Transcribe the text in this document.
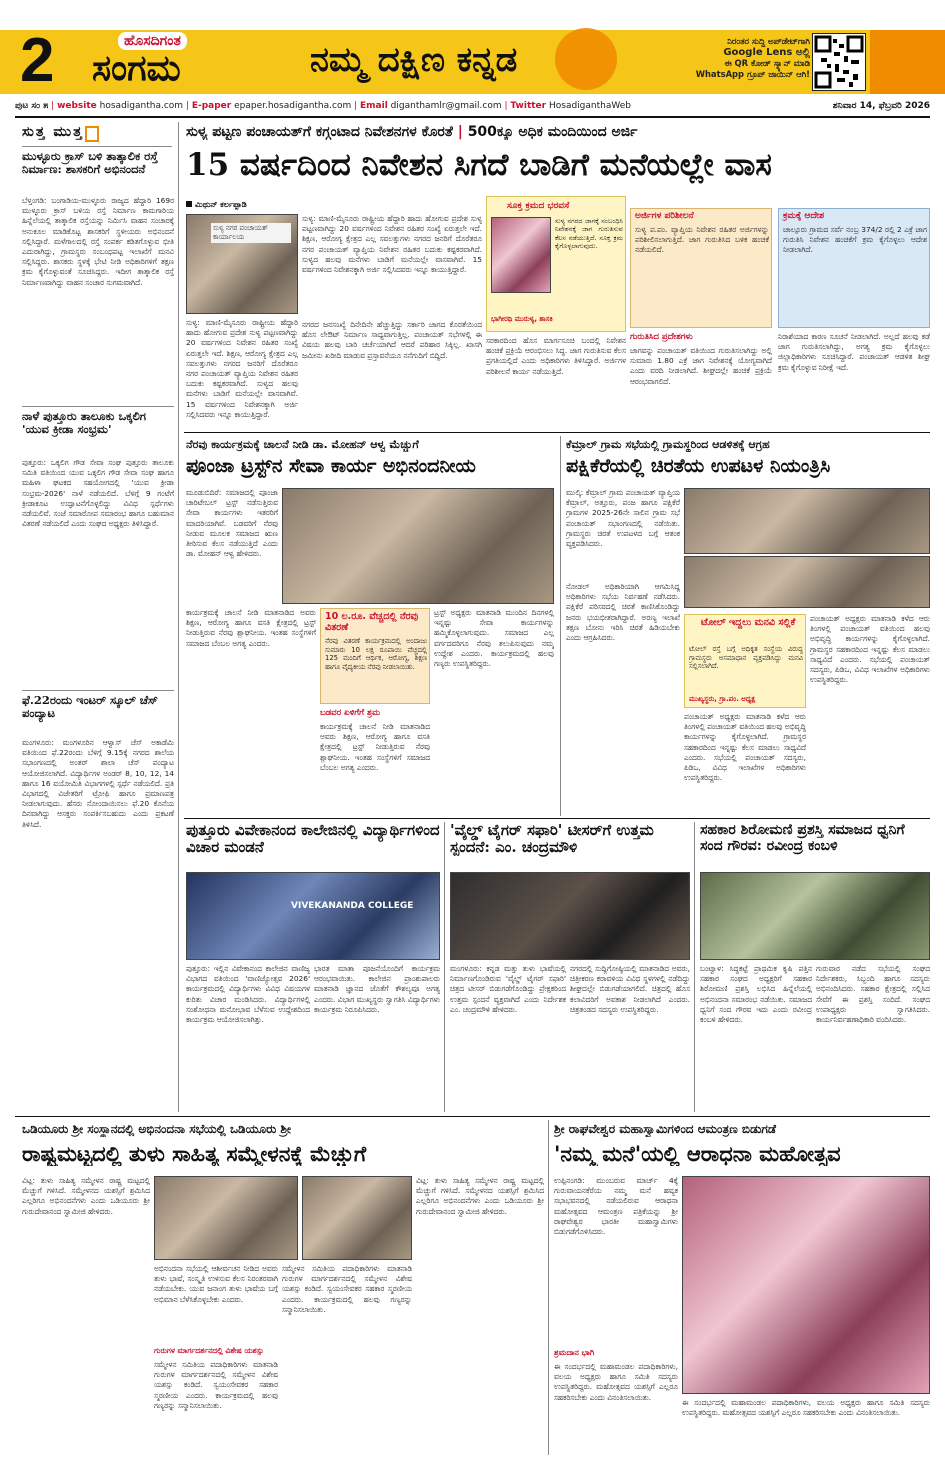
2	ಹೊಸದಿಗಂತ
ಸಂಗಮ	ನಮ್ಮ ದಕ್ಷಿಣ ಕನ್ನಡ	ನಿರಂತರ ಸುದ್ದಿ ಅಪ್‌ಡೇಟ್‌ಗಾಗಿ
Google Lens ಅಲ್ಲಿ
ಈ QR ಕೋಡ್ ಸ್ಕ್ಯಾನ್ ಮಾಡಿ
WhatsApp ಗ್ರೂಪ್ ಜಾಯಿನ್ ಆಗಿ!
ಪುಟ ಸಂ ೫ | website hosadiganthа.com | E-paper epaper.hosadigantha.com | Email diganthamlr@gmail.com | Twitter HosadiganthaWeb	ಶನಿವಾರ 14, ಫೆಬ್ರವರಿ 2026
ಸುತ್ತ ಮುತ್ತ
ಮುಳ್ಳೂರು ಕ್ರಾಸ್ ಬಳಿ ತಾತ್ಕಾಲಿಕ ರಸ್ತೆ ನಿರ್ಮಾಣ: ಶಾಸಕರಿಗೆ ಅಭಿನಂದನೆ
ಬೆಳ್ತಂಗಡಿ: ಬಂಗಾಡಿಯ-ಮುಳ್ಳೂರು ರಾಜ್ಯದ ಹೆದ್ದಾರಿ 169ರ ಮುಳ್ಳೂರು ಕ್ರಾಸ್ ಬಳಿಯ ರಸ್ತೆ ನಿರ್ಮಾಣ ಕಾಮಗಾರಿಯ ಹಿನ್ನೆಲೆಯಲ್ಲಿ ತಾತ್ಕಾಲಿಕ ರಸ್ತೆಯನ್ನು ನಿರ್ಮಿಸಿ ವಾಹನ ಸಂಚಾರಕ್ಕೆ ಅನುಕೂಲ ಮಾಡಿಕೊಟ್ಟ ಶಾಸಕರಿಗೆ ಸ್ಥಳೀಯರು ಅಭಿನಂದನೆ ಸಲ್ಲಿಸಿದ್ದಾರೆ. ಮಳೆಗಾಲದಲ್ಲಿ ರಸ್ತೆ ಸಂಪರ್ಕ ಕಡಿತಗೊಳ್ಳುವ ಭೀತಿ ಎದುರಾಗಿದ್ದು, ಗ್ರಾಮಸ್ಥರು ಸಂಬಂಧಪಟ್ಟ ಇಲಾಖೆಗೆ ಮನವಿ ಸಲ್ಲಿಸಿದ್ದರು. ಶಾಸಕರು ಸ್ಥಳಕ್ಕೆ ಭೇಟಿ ನೀಡಿ ಅಧಿಕಾರಿಗಳಿಗೆ ತಕ್ಷಣ ಕ್ರಮ ಕೈಗೊಳ್ಳುವಂತೆ ಸೂಚಿಸಿದ್ದರು. ಇದೀಗ ತಾತ್ಕಾಲಿಕ ರಸ್ತೆ ನಿರ್ಮಾಣವಾಗಿದ್ದು ವಾಹನ ಸಂಚಾರ ಸುಗಮವಾಗಿದೆ.
ನಾಳೆ ಪುತ್ತೂರು ತಾಲೂಕು ಒಕ್ಕಲಿಗ 'ಯುವ ಕ್ರೀಡಾ ಸಂಭ್ರಮ'
ಪುತ್ತೂರು: ಒಕ್ಕಲಿಗ ಗೌಡ ಸೇವಾ ಸಂಘ ಪುತ್ತೂರು ತಾಲೂಕು ಸಮಿತಿ ವತಿಯಿಂದ ಯುವ ಒಕ್ಕಲಿಗ ಗೌಡ ಸೇವಾ ಸಂಘ ಹಾಗೂ ಮಹಿಳಾ ಘಟಕದ ಸಹಯೋಗದಲ್ಲಿ 'ಯುವ ಕ್ರೀಡಾ ಸಂಭ್ರಮ-2026' ನಾಳೆ ನಡೆಯಲಿದೆ. ಬೆಳಿಗ್ಗೆ 9 ಗಂಟೆಗೆ ಕ್ರೀಡಾಕೂಟ ಉದ್ಘಾಟನೆಗೊಳ್ಳಲಿದ್ದು ವಿವಿಧ ಸ್ಪರ್ಧೆಗಳು ನಡೆಯಲಿವೆ. ಸಂಜೆ ಸಮಾರೋಪ ಸಮಾರಂಭ ಹಾಗೂ ಬಹುಮಾನ ವಿತರಣೆ ನಡೆಯಲಿದೆ ಎಂದು ಸಂಘದ ಅಧ್ಯಕ್ಷರು ತಿಳಿಸಿದ್ದಾರೆ.
ಫೆ.22ರಂದು ಇಂಟರ್ ಸ್ಕೂಲ್ ಚೆಸ್ ಪಂದ್ಯಾಟ
ಮಂಗಳೂರು: ಮಂಗಳೂರಿನ ಆಳ್ವಾಸ್ ಚೆಸ್ ಅಕಾಡೆಮಿ ವತಿಯಿಂದ ಫೆ.22ರಂದು ಬೆಳಿಗ್ಗೆ 9.15ಕ್ಕೆ ನಗರದ ಶಾಲೆಯ ಸಭಾಂಗಣದಲ್ಲಿ ಅಂತರ್ ಶಾಲಾ ಚೆಸ್ ಪಂದ್ಯಾಟ ಆಯೋಜಿಸಲಾಗಿದೆ. ವಿದ್ಯಾರ್ಥಿಗಳ ಅಂಡರ್ 8, 10, 12, 14 ಹಾಗೂ 16 ವಯೋಮಿತಿ ವಿಭಾಗಗಳಲ್ಲಿ ಸ್ಪರ್ಧೆ ನಡೆಯಲಿದೆ. ಪ್ರತಿ ವಿಭಾಗದಲ್ಲಿ ವಿಜೇತರಿಗೆ ಟ್ರೋಫಿ ಹಾಗೂ ಪ್ರಮಾಣಪತ್ರ ನೀಡಲಾಗುವುದು. ಹೆಸರು ನೋಂದಾಯಿಸಲು ಫೆ.20 ಕೊನೆಯ ದಿನವಾಗಿದ್ದು ಆಸಕ್ತರು ಸಂಪರ್ಕಿಸಬಹುದು ಎಂದು ಪ್ರಕಟಣೆ ತಿಳಿಸಿದೆ.
ಸುಳ್ಯ ಪಟ್ಟಣ ಪಂಚಾಯತ್‌ಗೆ ಕಗ್ಗಂಟಾದ ನಿವೇಶನಗಳ ಕೊರತೆ | 500ಕ್ಕೂ ಅಧಿಕ ಮಂದಿಯಿಂದ ಅರ್ಜಿ
15 ವರ್ಷದಿಂದ ನಿವೇಶನ ಸಿಗದೆ ಬಾಡಿಗೆ ಮನೆಯಲ್ಲೇ ವಾಸ
ಮಿಥುನ್ ಕರ್ಲಪ್ಪಾಡಿ
ಸುಳ್ಯ ನಗರ ಪಂಚಾಯತ್ ಕಾರ್ಯಾಲಯ
ಸುಳ್ಯ: ಮಾಣಿ-ಮೈಸೂರು ರಾಷ್ಟ್ರೀಯ ಹೆದ್ದಾರಿ ಹಾದು ಹೋಗುವ ಪ್ರದೇಶ ಸುಳ್ಯ ಪಟ್ಟಣವಾಗಿದ್ದು 20 ವರ್ಷಗಳಿಂದ ನಿವೇಶನ ರಹಿತರ ಸಂಖ್ಯೆ ಏರುತ್ತಲೇ ಇದೆ. ಶಿಕ್ಷಣ, ಆರೋಗ್ಯ ಕ್ಷೇತ್ರದ ಎಲ್ಲ ಸವಲತ್ತುಗಳು ನಗರದ ಜನರಿಗೆ ದೊರೆತರೂ ನಗರ ಪಂಚಾಯತ್ ವ್ಯಾಪ್ತಿಯ ನಿವೇಶನ ರಹಿತರ ಬದುಕು ಕಷ್ಟಕರವಾಗಿದೆ. ಸುಳ್ಯದ ಹಲವು ಮನೆಗಳು ಬಾಡಿಗೆ ಮನೆಯಲ್ಲೇ ವಾಸವಾಗಿವೆ. 15 ವರ್ಷಗಳಿಂದ ನಿವೇಶನಕ್ಕಾಗಿ ಅರ್ಜಿ ಸಲ್ಲಿಸಿದವರು ಇನ್ನೂ ಕಾಯುತ್ತಿದ್ದಾರೆ.
ಸುಳ್ಯ: ಮಾಣಿ-ಮೈಸೂರು ರಾಷ್ಟ್ರೀಯ ಹೆದ್ದಾರಿ ಹಾದು ಹೋಗುವ ಪ್ರದೇಶ ಸುಳ್ಯ ಪಟ್ಟಣವಾಗಿದ್ದು 20 ವರ್ಷಗಳಿಂದ ನಿವೇಶನ ರಹಿತರ ಸಂಖ್ಯೆ ಏರುತ್ತಲೇ ಇದೆ. ಶಿಕ್ಷಣ, ಆರೋಗ್ಯ ಕ್ಷೇತ್ರದ ಎಲ್ಲ ಸವಲತ್ತುಗಳು ನಗರದ ಜನರಿಗೆ ದೊರೆತರೂ ನಗರ ಪಂಚಾಯತ್ ವ್ಯಾಪ್ತಿಯ ನಿವೇಶನ ರಹಿತರ ಬದುಕು ಕಷ್ಟಕರವಾಗಿದೆ. ಸುಳ್ಯದ ಹಲವು ಮನೆಗಳು ಬಾಡಿಗೆ ಮನೆಯಲ್ಲೇ ವಾಸವಾಗಿವೆ. 15 ವರ್ಷಗಳಿಂದ ನಿವೇಶನಕ್ಕಾಗಿ ಅರ್ಜಿ ಸಲ್ಲಿಸಿದವರು ಇನ್ನೂ ಕಾಯುತ್ತಿದ್ದಾರೆ.
ನಗರದ ಜನಸಂಖ್ಯೆ ದಿನೇದಿನೇ ಹೆಚ್ಚುತ್ತಿದ್ದು ಸರ್ಕಾರಿ ಜಾಗದ ಕೊರತೆಯಿಂದ ಹೊಸ ಲೇಔಟ್ ನಿರ್ಮಾಣ ಸಾಧ್ಯವಾಗುತ್ತಿಲ್ಲ. ಪಂಚಾಯತ್ ಸಭೆಗಳಲ್ಲಿ ಈ ವಿಷಯ ಹಲವು ಬಾರಿ ಚರ್ಚೆಯಾಗಿದೆ ಆದರೆ ಪರಿಹಾರ ಸಿಕ್ಕಿಲ್ಲ. ಖಾಸಗಿ ಜಮೀನು ಖರೀದಿ ಮಾಡುವ ಪ್ರಸ್ತಾವನೆಯೂ ನನೆಗುದಿಗೆ ಬಿದ್ದಿದೆ.
ಸೂಕ್ತ ಕ್ರಮದ ಭರವಸೆ
ಸುಳ್ಯ ನಗರದ ಜಾಗಕ್ಕೆ ಸಂಬಂಧಿಸಿ ನಿವೇಶನಕ್ಕೆ ಜಾಗ ಗುರುತಿಸುವ ಕೆಲಸ ನಡೆಯುತ್ತಿದೆ. ಸೂಕ್ತ ಕ್ರಮ ಕೈಗೊಳ್ಳಲಾಗುವುದು.
ಭಾಗೀರಥಿ ಮುರುಳ್ಯ, ಶಾಸಕಿ
ಅರ್ಜಿಗಳ ಪರಿಶೀಲನೆ
ಸುಳ್ಯ ಪ.ಪಂ. ವ್ಯಾಪ್ತಿಯ ನಿವೇಶನ ರಹಿತರ ಅರ್ಜಿಗಳನ್ನು ಪರಿಶೀಲಿಸಲಾಗುತ್ತಿದೆ. ಜಾಗ ಗುರುತಿಸಿದ ಬಳಿಕ ಹಂಚಿಕೆ ನಡೆಯಲಿದೆ.
ಕ್ರಮಕ್ಕೆ ಆದೇಶ
ಜಾಲ್ಸೂರು ಗ್ರಾಮದ ಸರ್ವೆ ನಂಬ್ರ 374/2 ರಲ್ಲಿ 2 ಎಕ್ರೆ ಜಾಗ ಗುರುತಿಸಿ ನಿವೇಶನ ಹಂಚಿಕೆಗೆ ಕ್ರಮ ಕೈಗೊಳ್ಳಲು ಆದೇಶ ನೀಡಲಾಗಿದೆ.
ಸರಕಾರದಿಂದ ಹೊಸ ಮಾರ್ಗಸೂಚಿ ಬಂದಲ್ಲಿ ನಿವೇಶನ ಹಂಚಿಕೆ ಪ್ರಕ್ರಿಯೆ ಆರಂಭಿಸಲು ಸಿದ್ಧ. ಜಾಗ ಗುರುತಿಸುವ ಕೆಲಸ ಪ್ರಗತಿಯಲ್ಲಿದೆ ಎಂದು ಅಧಿಕಾರಿಗಳು ತಿಳಿಸಿದ್ದಾರೆ. ಅರ್ಜಿಗಳ ಪರಿಶೀಲನೆ ಕಾರ್ಯ ನಡೆಯುತ್ತಿದೆ.
ಗುರುತಿಸಿದ ಪ್ರದೇಶಗಳು
ಜಾಗವನ್ನು ಪಂಚಾಯತ್ ವತಿಯಿಂದ ಗುರುತಿಸಲಾಗಿದ್ದು ಅಲ್ಲಿ ಸುಮಾರು 1.80 ಎಕ್ರೆ ಜಾಗ ನಿವೇಶನಕ್ಕೆ ಯೋಗ್ಯವಾಗಿದೆ ಎಂದು ವರದಿ ನೀಡಲಾಗಿದೆ. ಶೀಘ್ರದಲ್ಲೇ ಹಂಚಿಕೆ ಪ್ರಕ್ರಿಯೆ ಆರಂಭವಾಗಲಿದೆ.
ನಿರಾಶೆಯಾದ ಕಾರಣ ಸೂಚನೆ ನೀಡಲಾಗಿದೆ. ಅಲ್ಲದೆ ಹಲವು ಕಡೆ ಜಾಗ ಗುರುತಿಸಲಾಗಿದ್ದು, ಅಗತ್ಯ ಕ್ರಮ ಕೈಗೊಳ್ಳಲು ಜಿಲ್ಲಾಧಿಕಾರಿಗಳು ಸೂಚಿಸಿದ್ದಾರೆ. ಪಂಚಾಯತ್ ಆಡಳಿತ ಶೀಘ್ರ ಕ್ರಮ ಕೈಗೊಳ್ಳುವ ನಿರೀಕ್ಷೆ ಇದೆ.
ನೆರವು ಕಾರ್ಯಕ್ರಮಕ್ಕೆ ಚಾಲನೆ ನೀಡಿ ಡಾ. ಮೋಹನ್ ಆಳ್ವ ಮೆಚ್ಚುಗೆ
ಪೂಂಜಾ ಟ್ರಸ್ಟ್‌ನ ಸೇವಾ ಕಾರ್ಯ ಅಭಿನಂದನೀಯ
ಮೂಡುಬಿದಿರೆ: ಸಮಾಜದಲ್ಲಿ ಪೂಂಜಾ ಚಾರಿಟೇಬಲ್ ಟ್ರಸ್ಟ್ ನಡೆಸುತ್ತಿರುವ ಸೇವಾ ಕಾರ್ಯಗಳು ಇತರರಿಗೆ ಮಾದರಿಯಾಗಿವೆ. ಬಡವರಿಗೆ ನೆರವು ನೀಡುವ ಮೂಲಕ ಸಮಾಜದ ಋಣ ತೀರಿಸುವ ಕೆಲಸ ನಡೆಯುತ್ತಿದೆ ಎಂದು ಡಾ. ಮೋಹನ್ ಆಳ್ವ ಹೇಳಿದರು.
ಕಾರ್ಯಕ್ರಮಕ್ಕೆ ಚಾಲನೆ ನೀಡಿ ಮಾತನಾಡಿದ ಅವರು ಶಿಕ್ಷಣ, ಆರೋಗ್ಯ ಹಾಗೂ ವಸತಿ ಕ್ಷೇತ್ರದಲ್ಲಿ ಟ್ರಸ್ಟ್ ನೀಡುತ್ತಿರುವ ನೆರವು ಶ್ಲಾಘನೀಯ. ಇಂತಹ ಸಂಸ್ಥೆಗಳಿಗೆ ಸಮಾಜದ ಬೆಂಬಲ ಅಗತ್ಯ ಎಂದರು.
10 ಲ.ರೂ. ವೆಚ್ಚದಲ್ಲಿ ನೆರವು ವಿತರಣೆ
ನೆರವು ವಿತರಣೆ ಕಾರ್ಯಕ್ರಮದಲ್ಲಿ ಅಂದಾಜು ಸುಮಾರು 10 ಲಕ್ಷ ರೂಪಾಯಿ ವೆಚ್ಚದಲ್ಲಿ 125 ಮಂದಿಗೆ ಆರ್ಥಿಕ, ಆರೋಗ್ಯ, ಶಿಕ್ಷಣ ಹಾಗೂ ವೈದ್ಯಕೀಯ ನೆರವು ನೀಡಲಾಯಿತು.
ಟ್ರಸ್ಟ್ ಅಧ್ಯಕ್ಷರು ಮಾತನಾಡಿ ಮುಂದಿನ ದಿನಗಳಲ್ಲಿ ಇನ್ನಷ್ಟು ಸೇವಾ ಕಾರ್ಯಗಳನ್ನು ಹಮ್ಮಿಕೊಳ್ಳಲಾಗುವುದು. ಸಮಾಜದ ಎಲ್ಲ ವರ್ಗದವರಿಗೂ ನೆರವು ತಲುಪಿಸುವುದು ನಮ್ಮ ಉದ್ದೇಶ ಎಂದರು. ಕಾರ್ಯಕ್ರಮದಲ್ಲಿ ಹಲವು ಗಣ್ಯರು ಉಪಸ್ಥಿತರಿದ್ದರು.
ಬಡವರ ಏಳಿಗೆಗೆ ಶ್ರಮ
ಕಾರ್ಯಕ್ರಮಕ್ಕೆ ಚಾಲನೆ ನೀಡಿ ಮಾತನಾಡಿದ ಅವರು ಶಿಕ್ಷಣ, ಆರೋಗ್ಯ ಹಾಗೂ ವಸತಿ ಕ್ಷೇತ್ರದಲ್ಲಿ ಟ್ರಸ್ಟ್ ನೀಡುತ್ತಿರುವ ನೆರವು ಶ್ಲಾಘನೀಯ. ಇಂತಹ ಸಂಸ್ಥೆಗಳಿಗೆ ಸಮಾಜದ ಬೆಂಬಲ ಅಗತ್ಯ ಎಂದರು.
ಕೆಮ್ರಾಲ್ ಗ್ರಾಮ ಸಭೆಯಲ್ಲಿ ಗ್ರಾಮಸ್ಥರಿಂದ ಆಡಳಿತಕ್ಕೆ ಆಗ್ರಹ
ಪಕ್ಷಿಕೆರೆಯಲ್ಲಿ ಚಿರತೆಯ ಉಪಟಳ ನಿಯಂತ್ರಿಸಿ
ಮುಲ್ಕಿ: ಕೆಮ್ರಾಲ್ ಗ್ರಾಮ ಪಂಚಾಯತ್ ವ್ಯಾಪ್ತಿಯ ಕೆಮ್ರಾಲ್, ಅತ್ತೂರು, ಪಂಜ ಹಾಗೂ ಪಕ್ಷಿಕೆರೆ ಗ್ರಾಮಗಳ 2025-26ನೇ ಸಾಲಿನ ಗ್ರಾಮ ಸಭೆ ಪಂಚಾಯತ್ ಸಭಾಂಗಣದಲ್ಲಿ ನಡೆಯಿತು. ಗ್ರಾಮಸ್ಥರು ಚಿರತೆ ಉಪಟಳದ ಬಗ್ಗೆ ಆತಂಕ ವ್ಯಕ್ತಪಡಿಸಿದರು.
ನೋಡಲ್ ಅಧಿಕಾರಿಯಾಗಿ ಆಗಮಿಸಿದ್ದ ಅಧಿಕಾರಿಗಳು ಸಭೆಯ ನಿರ್ವಹಣೆ ನಡೆಸಿದರು. ಪಕ್ಷಿಕೆರೆ ಪರಿಸರದಲ್ಲಿ ಚಿರತೆ ಕಾಣಿಸಿಕೊಂಡಿದ್ದು ಜನರು ಭಯಭೀತರಾಗಿದ್ದಾರೆ. ಅರಣ್ಯ ಇಲಾಖೆ ತಕ್ಷಣ ಬೋನು ಇರಿಸಿ ಚಿರತೆ ಹಿಡಿಯಬೇಕು ಎಂದು ಆಗ್ರಹಿಸಿದರು.
ಟೋಲ್ ಇದ್ದಲು ಮನವಿ ಸಲ್ಲಿಕೆ
ಟೋಲ್ ರಸ್ತೆ ಬಗ್ಗೆ ಅಧಿಕೃತ ಸಂಸ್ಥೆಯ ವಿರುದ್ಧ ಗ್ರಾಮಸ್ಥರು ಅಸಮಾಧಾನ ವ್ಯಕ್ತಪಡಿಸಿದ್ದು ಮನವಿ ಸಲ್ಲಿಸಲಾಗಿದೆ.
ಮುಖ್ಯಸ್ಥರು, ಗ್ರಾ.ಪಂ. ಅಧ್ಯಕ್ಷ
ಪಂಚಾಯತ್ ಅಧ್ಯಕ್ಷರು ಮಾತನಾಡಿ ಕಳೆದ ಆರು ತಿಂಗಳಲ್ಲಿ ಪಂಚಾಯತ್ ವತಿಯಿಂದ ಹಲವು ಅಭಿವೃದ್ಧಿ ಕಾರ್ಯಗಳನ್ನು ಕೈಗೊಳ್ಳಲಾಗಿದೆ. ಗ್ರಾಮಸ್ಥರ ಸಹಕಾರದಿಂದ ಇನ್ನಷ್ಟು ಕೆಲಸ ಮಾಡಲು ಸಾಧ್ಯವಿದೆ ಎಂದರು. ಸಭೆಯಲ್ಲಿ ಪಂಚಾಯತ್ ಸದಸ್ಯರು, ಪಿಡಿಒ, ವಿವಿಧ ಇಲಾಖೆಗಳ ಅಧಿಕಾರಿಗಳು ಉಪಸ್ಥಿತರಿದ್ದರು.
ಪಂಚಾಯತ್ ಅಧ್ಯಕ್ಷರು ಮಾತನಾಡಿ ಕಳೆದ ಆರು ತಿಂಗಳಲ್ಲಿ ಪಂಚಾಯತ್ ವತಿಯಿಂದ ಹಲವು ಅಭಿವೃದ್ಧಿ ಕಾರ್ಯಗಳನ್ನು ಕೈಗೊಳ್ಳಲಾಗಿದೆ. ಗ್ರಾಮಸ್ಥರ ಸಹಕಾರದಿಂದ ಇನ್ನಷ್ಟು ಕೆಲಸ ಮಾಡಲು ಸಾಧ್ಯವಿದೆ ಎಂದರು. ಸಭೆಯಲ್ಲಿ ಪಂಚಾಯತ್ ಸದಸ್ಯರು, ಪಿಡಿಒ, ವಿವಿಧ ಇಲಾಖೆಗಳ ಅಧಿಕಾರಿಗಳು ಉಪಸ್ಥಿತರಿದ್ದರು.
ಪುತ್ತೂರು ವಿವೇಕಾನಂದ ಕಾಲೇಜಿನಲ್ಲಿ ವಿದ್ಯಾರ್ಥಿಗಳಿಂದ ವಿಚಾರ ಮಂಡನೆ
VIVEKANANDA COLLEGE
ಪುತ್ತೂರು: ಇಲ್ಲಿನ ವಿವೇಕಾನಂದ ಕಾಲೇಜಿನ ವಾಣಿಜ್ಯ ವಿಭಾಗದ ವತಿಯಿಂದ 'ವಾಣಿಜ್ಯೋತ್ಸವ 2026' ಕಾರ್ಯಕ್ರಮದಲ್ಲಿ ವಿದ್ಯಾರ್ಥಿಗಳು ವಿವಿಧ ವಿಷಯಗಳ ಕುರಿತು ವಿಚಾರ ಮಂಡಿಸಿದರು. ವಿದ್ಯಾರ್ಥಿಗಳಲ್ಲಿ ಸಂಶೋಧನಾ ಮನೋಭಾವ ಬೆಳೆಸುವ ಉದ್ದೇಶದಿಂದ ಕಾರ್ಯಕ್ರಮ ಆಯೋಜಿಸಲಾಗಿತ್ತು.
ಭಾರತ ಮಾತಾ ಪೂಜನೆಯೊಂದಿಗೆ ಕಾರ್ಯಕ್ರಮ ಆರಂಭವಾಯಿತು. ಕಾಲೇಜಿನ ಪ್ರಾಂಶುಪಾಲರು ಮಾತನಾಡಿ ಜ್ಞಾನದ ಜೊತೆಗೆ ಕೌಶಲ್ಯವೂ ಅಗತ್ಯ ಎಂದರು. ವಿಭಾಗ ಮುಖ್ಯಸ್ಥರು ಸ್ವಾಗತಿಸಿ ವಿದ್ಯಾರ್ಥಿಗಳು ಕಾರ್ಯಕ್ರಮ ನಿರೂಪಿಸಿದರು.
'ವೈಲ್ಡ್ ಟೈಗರ್ ಸಫಾರಿ' ಟೀಸರ್‌ಗೆ ಉತ್ತಮ ಸ್ಪಂದನೆ: ಎಂ. ಚಂದ್ರಮೌಳಿ
ಮಂಗಳೂರು: ಕನ್ನಡ ಮತ್ತು ತುಳು ಭಾಷೆಯಲ್ಲಿ ನಿರ್ಮಾಣಗೊಂಡಿರುವ 'ವೈಲ್ಡ್ ಟೈಗರ್ ಸಫಾರಿ' ಚಿತ್ರದ ಟೀಸರ್ ಬಿಡುಗಡೆಗೊಂಡಿದ್ದು ಪ್ರೇಕ್ಷಕರಿಂದ ಉತ್ತಮ ಸ್ಪಂದನೆ ವ್ಯಕ್ತವಾಗಿದೆ ಎಂದು ನಿರ್ದೇಶಕ ಎಂ. ಚಂದ್ರಮೌಳಿ ಹೇಳಿದರು.
ನಗರದಲ್ಲಿ ಸುದ್ದಿಗೋಷ್ಠಿಯಲ್ಲಿ ಮಾತನಾಡಿದ ಅವರು, ಚಿತ್ರೀಕರಣ ಕರಾವಳಿಯ ವಿವಿಧ ಸ್ಥಳಗಳಲ್ಲಿ ನಡೆದಿದ್ದು ಶೀಘ್ರದಲ್ಲೇ ಬಿಡುಗಡೆಯಾಗಲಿದೆ. ಚಿತ್ರದಲ್ಲಿ ಹೊಸ ಕಲಾವಿದರಿಗೆ ಅವಕಾಶ ನೀಡಲಾಗಿದೆ ಎಂದರು. ಚಿತ್ರತಂಡದ ಸದಸ್ಯರು ಉಪಸ್ಥಿತರಿದ್ದರು.
ಸಹಕಾರ ಶಿರೋಮಣಿ ಪ್ರಶಸ್ತಿ ಸಮಾಜದ ಧ್ವನಿಗೆ ಸಂದ ಗೌರವ: ರವೀಂದ್ರ ಕಂಬಳಿ
ಬಂಟ್ವಾಳ: ಸಿದ್ಧಕಟ್ಟೆ ಪ್ರಾಥಮಿಕ ಕೃಷಿ ಪತ್ತಿನ ಸಹಕಾರ ಸಂಘದ ಅಧ್ಯಕ್ಷರಿಗೆ ಸಹಕಾರ ಶಿರೋಮಣಿ ಪ್ರಶಸ್ತಿ ಲಭಿಸಿದ ಹಿನ್ನೆಲೆಯಲ್ಲಿ ಅಭಿನಂದನಾ ಸಮಾರಂಭ ನಡೆಯಿತು. ಸಮಾಜದ ಧ್ವನಿಗೆ ಸಂದ ಗೌರವ ಇದು ಎಂದು ರವೀಂದ್ರ ಕಂಬಳಿ ಹೇಳಿದರು.
ಗುರುವಾರ ನಡೆದ ಸಭೆಯಲ್ಲಿ ಸಂಘದ ನಿರ್ದೇಶಕರು, ಸಿಬ್ಬಂದಿ ಹಾಗೂ ಸದಸ್ಯರು ಅಭಿನಂದಿಸಿದರು. ಸಹಕಾರ ಕ್ಷೇತ್ರದಲ್ಲಿ ಸಲ್ಲಿಸಿದ ಸೇವೆಗೆ ಈ ಪ್ರಶಸ್ತಿ ಸಂದಿದೆ. ಸಂಘದ ಉಪಾಧ್ಯಕ್ಷರು ಸ್ವಾಗತಿಸಿದರು. ಕಾರ್ಯನಿರ್ವಹಣಾಧಿಕಾರಿ ವಂದಿಸಿದರು.
ಒಡಿಯೂರು ಶ್ರೀ ಸಂಸ್ಥಾನದಲ್ಲಿ ಅಭಿನಂದನಾ ಸಭೆಯಲ್ಲಿ ಒಡಿಯೂರು ಶ್ರೀ
ರಾಷ್ಟ್ರಮಟ್ಟದಲ್ಲಿ ತುಳು ಸಾಹಿತ್ಯ ಸಮ್ಮೇಳನಕ್ಕೆ ಮೆಚ್ಚುಗೆ
ವಿಟ್ಲ: ತುಳು ಸಾಹಿತ್ಯ ಸಮ್ಮೇಳನ ರಾಷ್ಟ್ರ ಮಟ್ಟದಲ್ಲಿ ಮೆಚ್ಚುಗೆ ಗಳಿಸಿದೆ. ಸಮ್ಮೇಳನದ ಯಶಸ್ಸಿಗೆ ಶ್ರಮಿಸಿದ ಎಲ್ಲರಿಗೂ ಅಭಿನಂದನೆಗಳು ಎಂದು ಒಡಿಯೂರು ಶ್ರೀ ಗುರುದೇವಾನಂದ ಸ್ವಾಮೀಜಿ ಹೇಳಿದರು.
ಅಭಿನಂದನಾ ಸಭೆಯಲ್ಲಿ ಆಶೀರ್ವಚನ ನೀಡಿದ ಅವರು ತುಳು ಭಾಷೆ, ಸಂಸ್ಕೃತಿ ಉಳಿಸುವ ಕೆಲಸ ನಿರಂತರವಾಗಿ ನಡೆಯಬೇಕು. ಯುವ ಜನಾಂಗ ತುಳು ಭಾಷೆಯ ಬಗ್ಗೆ ಅಭಿಮಾನ ಬೆಳೆಸಿಕೊಳ್ಳಬೇಕು ಎಂದರು.
ಗುರುಗಳ ಮಾರ್ಗದರ್ಶನದಲ್ಲಿ ವಿಶೇಷ ಯಶಸ್ಸು
ಸಮ್ಮೇಳನ ಸಮಿತಿಯ ಪದಾಧಿಕಾರಿಗಳು ಮಾತನಾಡಿ ಗುರುಗಳ ಮಾರ್ಗದರ್ಶನದಲ್ಲಿ ಸಮ್ಮೇಳನ ವಿಶೇಷ ಯಶಸ್ಸು ಕಂಡಿದೆ. ಸ್ವಯಂಸೇವಕರ ಸಹಕಾರ ಸ್ಮರಣೀಯ ಎಂದರು. ಕಾರ್ಯಕ್ರಮದಲ್ಲಿ ಹಲವು ಗಣ್ಯರನ್ನು ಸನ್ಮಾನಿಸಲಾಯಿತು.
ಸಮ್ಮೇಳನ ಸಮಿತಿಯ ಪದಾಧಿಕಾರಿಗಳು ಮಾತನಾಡಿ ಗುರುಗಳ ಮಾರ್ಗದರ್ಶನದಲ್ಲಿ ಸಮ್ಮೇಳನ ವಿಶೇಷ ಯಶಸ್ಸು ಕಂಡಿದೆ. ಸ್ವಯಂಸೇವಕರ ಸಹಕಾರ ಸ್ಮರಣೀಯ ಎಂದರು. ಕಾರ್ಯಕ್ರಮದಲ್ಲಿ ಹಲವು ಗಣ್ಯರನ್ನು ಸನ್ಮಾನಿಸಲಾಯಿತು.
ವಿಟ್ಲ: ತುಳು ಸಾಹಿತ್ಯ ಸಮ್ಮೇಳನ ರಾಷ್ಟ್ರ ಮಟ್ಟದಲ್ಲಿ ಮೆಚ್ಚುಗೆ ಗಳಿಸಿದೆ. ಸಮ್ಮೇಳನದ ಯಶಸ್ಸಿಗೆ ಶ್ರಮಿಸಿದ ಎಲ್ಲರಿಗೂ ಅಭಿನಂದನೆಗಳು ಎಂದು ಒಡಿಯೂರು ಶ್ರೀ ಗುರುದೇವಾನಂದ ಸ್ವಾಮೀಜಿ ಹೇಳಿದರು.
ಶ್ರೀ ರಾಘವೇಶ್ವರ ಮಹಾಸ್ವಾಮಿಗಳಿಂದ ಆಮಂತ್ರಣ ಬಿಡುಗಡೆ
'ನಮ್ಮ ಮನೆ'ಯಲ್ಲಿ ಆರಾಧನಾ ಮಹೋತ್ಸವ
ಉಪ್ಪಿನಂಗಡಿ: ಮುಂಬರುವ ಮಾರ್ಚ್ 4ಕ್ಕೆ ಗುರುವಾಯನಕೆರೆಯ ನಮ್ಮ ಮನೆ ಹವ್ಯಕ ಸಭಾಭವನದಲ್ಲಿ ನಡೆಯಲಿರುವ ಆರಾಧನಾ ಮಹೋತ್ಸವದ ಆಮಂತ್ರಣ ಪತ್ರಿಕೆಯನ್ನು ಶ್ರೀ ರಾಘವೇಶ್ವರ ಭಾರತೀ ಮಹಾಸ್ವಾಮಿಗಳು ಬಿಡುಗಡೆಗೊಳಿಸಿದರು.
ಶ್ರಮದಾನ ಭಾಗಿ
ಈ ಸಂದರ್ಭದಲ್ಲಿ ಮಹಾಮಂಡಲ ಪದಾಧಿಕಾರಿಗಳು, ವಲಯ ಅಧ್ಯಕ್ಷರು ಹಾಗೂ ಸಮಿತಿ ಸದಸ್ಯರು ಉಪಸ್ಥಿತರಿದ್ದರು. ಮಹೋತ್ಸವದ ಯಶಸ್ಸಿಗೆ ಎಲ್ಲರೂ ಸಹಕರಿಸಬೇಕು ಎಂದು ವಿನಂತಿಸಲಾಯಿತು.
ಈ ಸಂದರ್ಭದಲ್ಲಿ ಮಹಾಮಂಡಲ ಪದಾಧಿಕಾರಿಗಳು, ವಲಯ ಅಧ್ಯಕ್ಷರು ಹಾಗೂ ಸಮಿತಿ ಸದಸ್ಯರು ಉಪಸ್ಥಿತರಿದ್ದರು. ಮಹೋತ್ಸವದ ಯಶಸ್ಸಿಗೆ ಎಲ್ಲರೂ ಸಹಕರಿಸಬೇಕು ಎಂದು ವಿನಂತಿಸಲಾಯಿತು.
